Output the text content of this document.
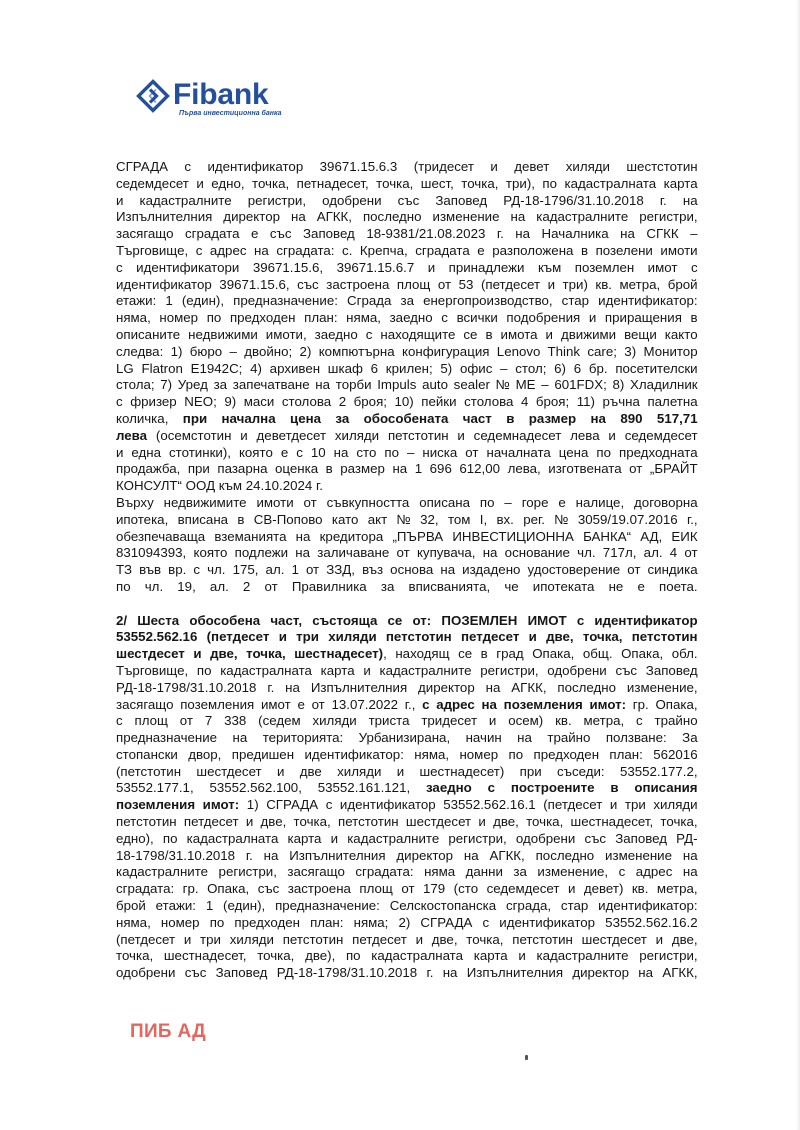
Fibank
Първа инвестиционна банка
СГРАДА с идентификатор 39671.15.6.3 (тридесет и девет хиляди шестстотин
седемдесет и едно, точка, петнадесет, точка, шест, точка, три), по кадастралната карта
и кадастралните регистри, одобрени със Заповед РД-18-1796/31.10.2018 г. на
Изпълнителния директор на АГКК, последно изменение на кадастралните регистри,
засягащо сградата е със Заповед 18-9381/21.08.2023 г. на Началника на СГКК –
Търговище, с адрес на сградата: с. Крепча, сградата е разположена в позелени имоти
с идентификатори 39671.15.6, 39671.15.6.7 и принадлежи към поземлен имот с
идентификатор 39671.15.6, със застроена площ от 53 (петдесет и три) кв. метра, брой
етажи: 1 (един), предназначение: Сграда за енергопроизводство, стар идентификатор:
няма, номер по предходен план: няма, заедно с всички подобрения и приращения в
описаните недвижими имоти, заедно с находящите се в имота и движими вещи както
следва: 1) бюро – двойно; 2) компютърна конфигурация Lenovo Think care; 3) Монитор
LG Flatron E1942C; 4) архивен шкаф 6 крилен; 5) офис – стол; 6) 6 бр. посетителски
стола; 7) Уред за запечатване на торби Impuls auto sealer № ME – 601FDX; 8) Хладилник
с фризер NEO; 9) маси столова 2 броя; 10) пейки столова 4 броя; 11) ръчна палетна
количка, при начална цена за обособената част в размер на 890 517,71
лева (осемстотин и деветдесет хиляди петстотин и седемнадесет лева и седемдесет
и една стотинки), която е с 10 на сто по – ниска от началната цена по предходната
продажба, при пазарна оценка в размер на 1 696 612,00 лева, изготвената от „БРАЙТ
КОНСУЛТ“ ООД към 24.10.2024 г.
Върху недвижимите имоти от съвкупността описана по – горе е налице, договорна
ипотека, вписана в СВ-Попово като акт № 32, том I, вх. рег. № 3059/19.07.2016 г.,
обезпечаваща вземанията на кредитора „ПЪРВА ИНВЕСТИЦИОННА БАНКА“ АД, ЕИК
831094393, която подлежи на заличаване от купувача, на основание чл. 717л, ал. 4 от
ТЗ във вр. с чл. 175, ал. 1 от ЗЗД, въз основа на издадено удостоверение от синдика
по чл. 19, ал. 2 от Правилника за вписванията, че ипотеката не е поета.
2/ Шеста обособена част, състояща се от: ПОЗЕМЛЕН ИМОТ с идентификатор
53552.562.16 (петдесет и три хиляди петстотин петдесет и две, точка, петстотин
шестдесет и две, точка, шестнадесет), находящ се в град Опака, общ. Опака, обл.
Търговище, по кадастралната карта и кадастралните регистри, одобрени със Заповед
РД-18-1798/31.10.2018 г. на Изпълнителния директор на АГКК, последно изменение,
засягащо поземления имот е от 13.07.2022 г., с адрес на поземления имот: гр. Опака,
с площ от 7 338 (седем хиляди триста тридесет и осем) кв. метра, с трайно
предназначение на територията: Урбанизирана, начин на трайно ползване: За
стопански двор, предишен идентификатор: няма, номер по предходен план: 562016
(петстотин шестдесет и две хиляди и шестнадесет) при съседи: 53552.177.2,
53552.177.1, 53552.562.100, 53552.161.121, заедно с построените в описания
поземления имот: 1) СГРАДА с идентификатор 53552.562.16.1 (петдесет и три хиляди
петстотин петдесет и две, точка, петстотин шестдесет и две, точка, шестнадесет, точка,
едно), по кадастралната карта и кадастралните регистри, одобрени със Заповед РД-
18-1798/31.10.2018 г. на Изпълнителния директор на АГКК, последно изменение на
кадастралните регистри, засягащо сградата: няма данни за изменение, с адрес на
сградата: гр. Опака, със застроена площ от 179 (сто седемдесет и девет) кв. метра,
брой етажи: 1 (един), предназначение: Селскостопанска сграда, стар идентификатор:
няма, номер по предходен план: няма; 2) СГРАДА с идентификатор 53552.562.16.2
(петдесет и три хиляди петстотин петдесет и две, точка, петстотин шестдесет и две,
точка, шестнадесет, точка, две), по кадастралната карта и кадастралните регистри,
одобрени със Заповед РД-18-1798/31.10.2018 г. на Изпълнителния директор на АГКК,
ПИБ АД
